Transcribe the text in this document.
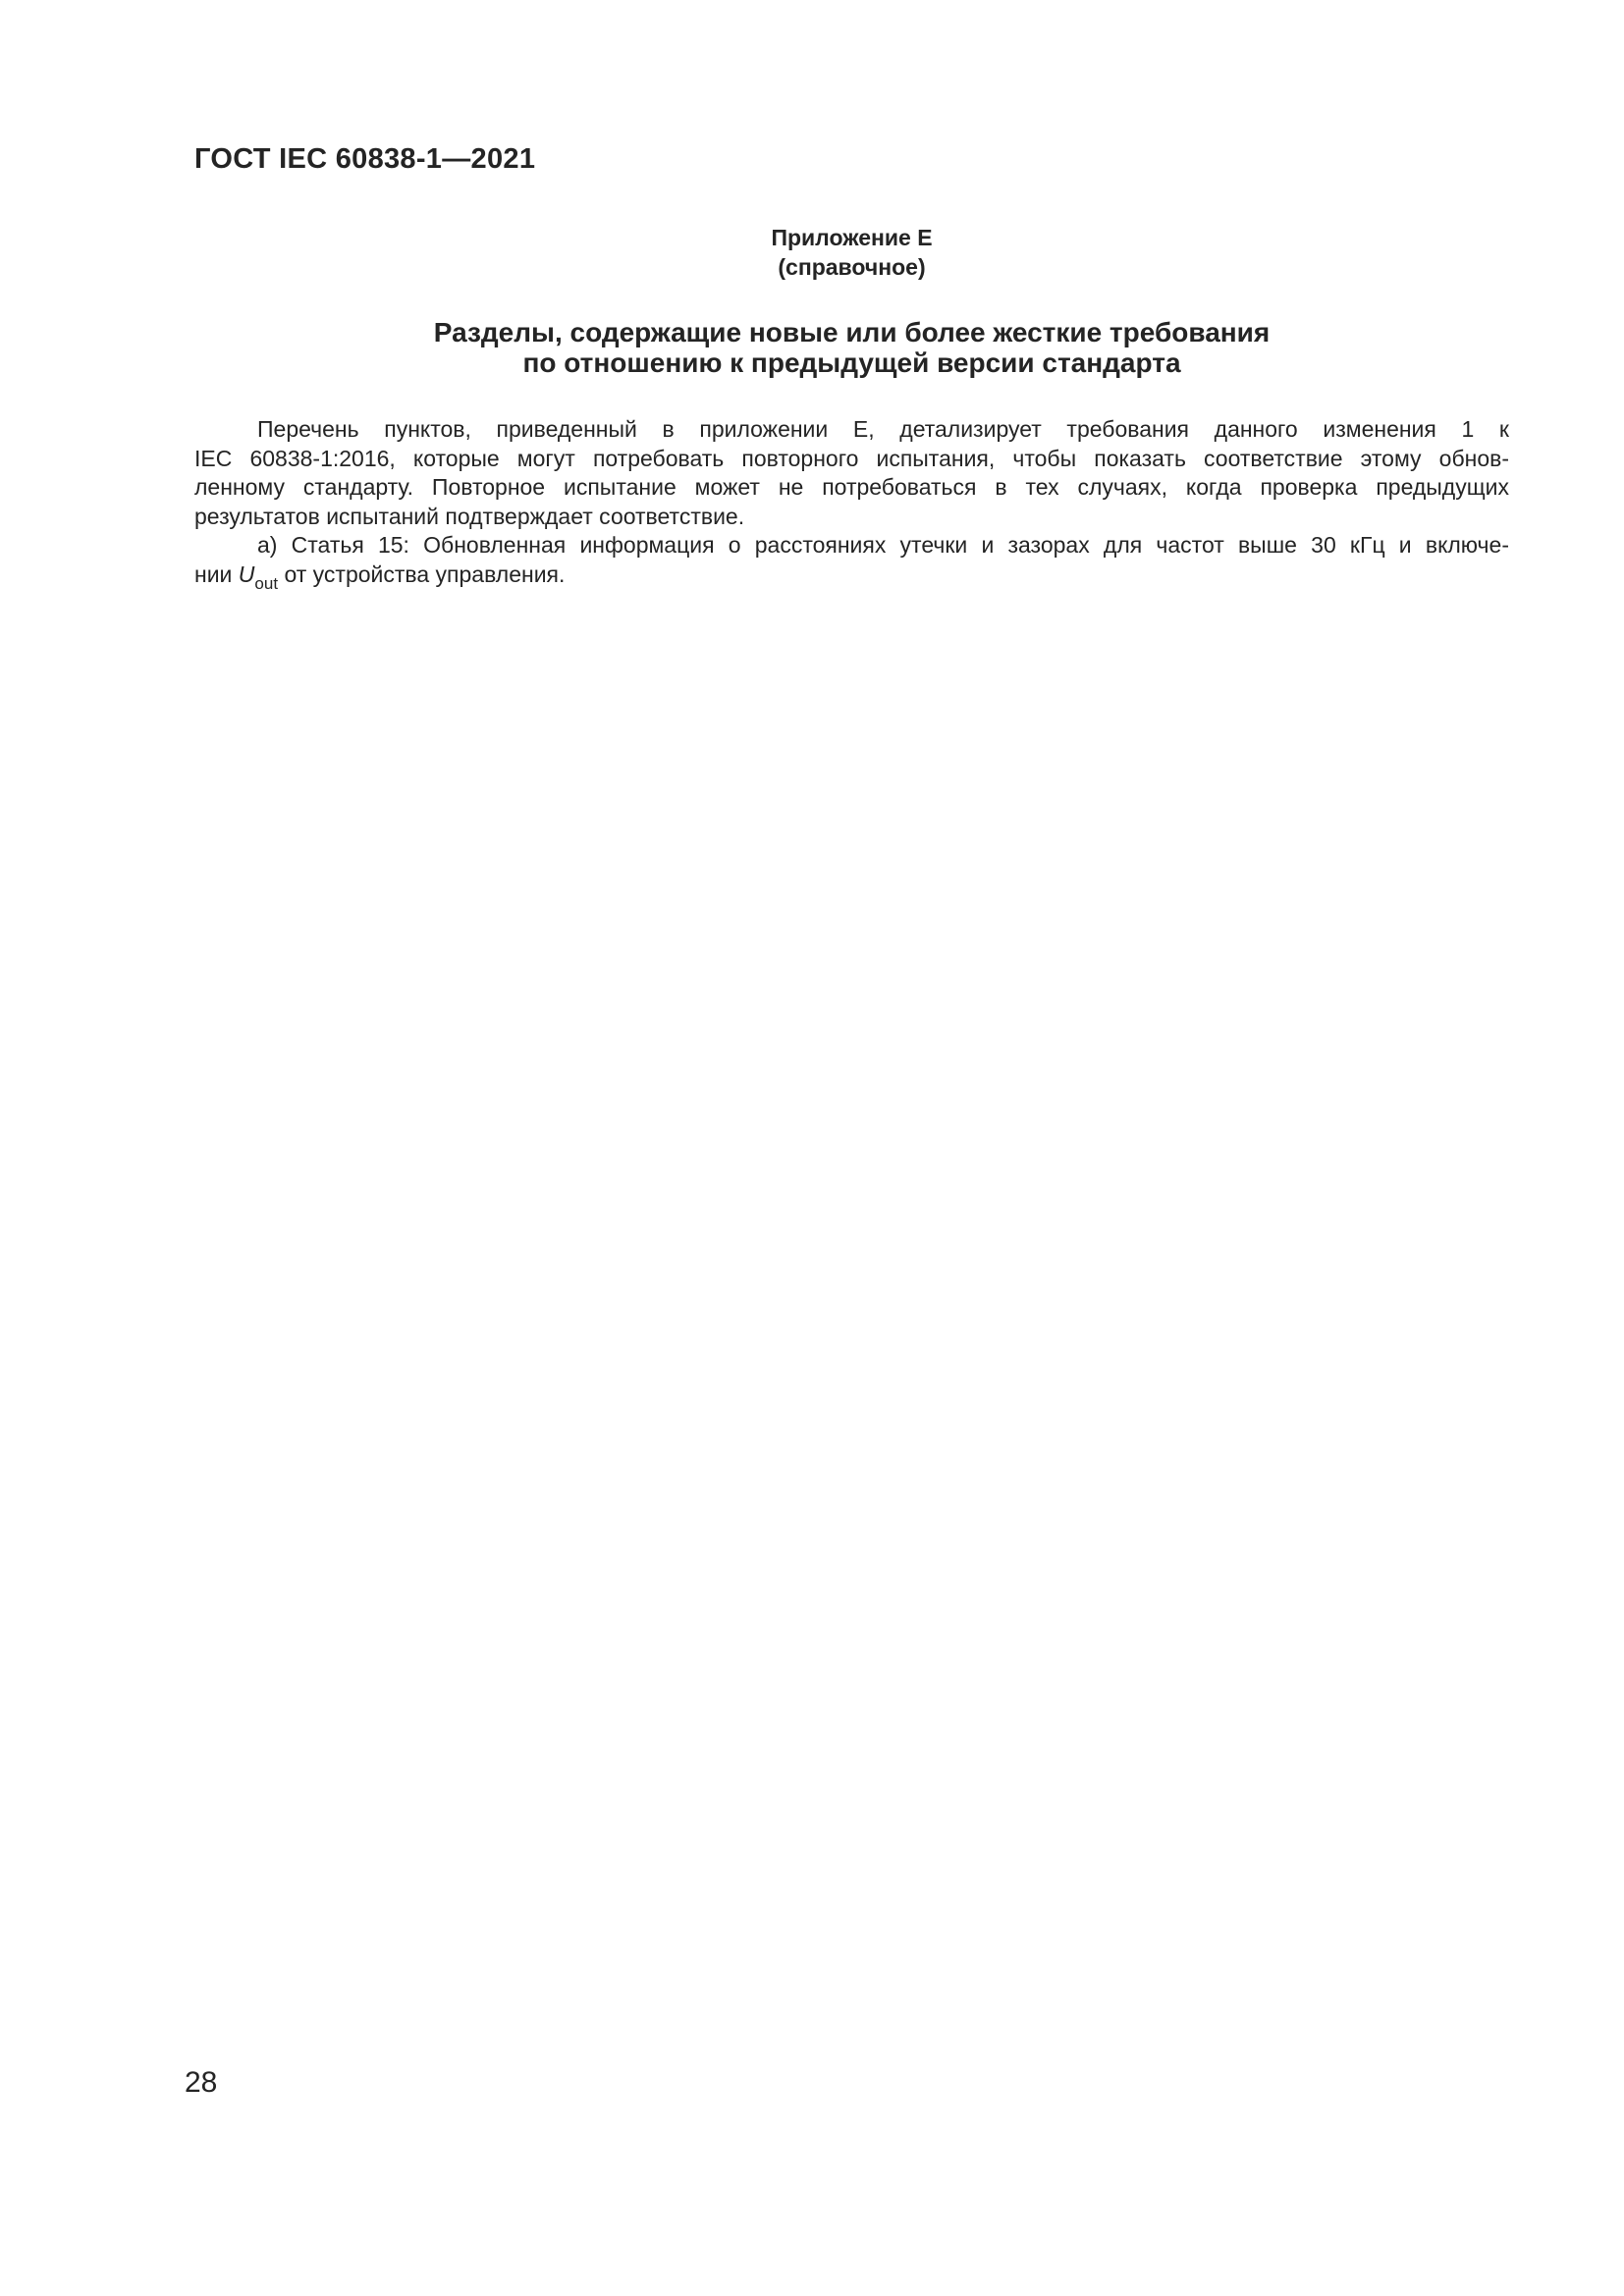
ГОСТ IEC 60838-1—2021
Приложение Е
(справочное)
Разделы, содержащие новые или более жесткие требования
по отношению к предыдущей версии стандарта
Перечень пунктов, приведенный в приложении Е, детализирует требования данного изменения 1 к
IEC 60838-1:2016, которые могут потребовать повторного испытания, чтобы показать соответствие этому обнов-
ленному стандарту. Повторное испытание может не потребоваться в тех случаях, когда проверка предыдущих
результатов испытаний подтверждает соответствие.
а) Статья 15: Обновленная информация о расстояниях утечки и зазорах для частот выше 30 кГц и включе-
нии $U_{out}$ от устройства управления.
28
